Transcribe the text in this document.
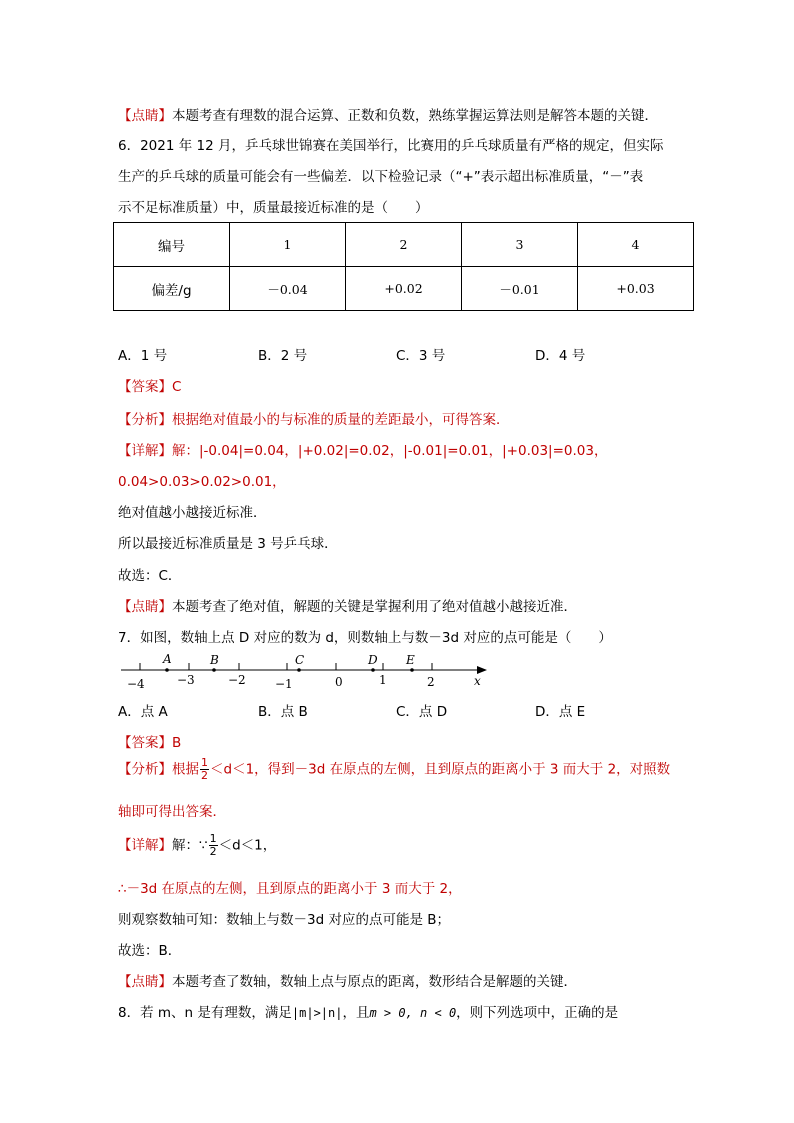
【点睛】本题考查有理数的混合运算、正数和负数，熟练掌握运算法则是解答本题的关键．
6．2021 年 12 月，乒乓球世锦赛在美国举行，比赛用的乒乓球质量有严格的规定，但实际
生产的乒乓球的质量可能会有一些偏差．以下检验记录（“+”表示超出标准质量，“－”表
示不足标准质量）中，质量最接近标准的是（　　）
编号	1	2	3	4
偏差/g	－0.04	+0.02	－0.01	+0.03
A．1 号	B．2 号	C．3 号	D．4 号
【答案】C
【分析】根据绝对值最小的与标准的质量的差距最小，可得答案．
【详解】解：|-0.04|=0.04，|+0.02|=0.02，|-0.01|=0.01，|+0.03|=0.03，
0.04>0.03>0.02>0.01，
绝对值越小越接近标准．
所以最接近标准质量是 3 号乒乓球．
故选：C．
【点睛】本题考查了绝对值，解题的关键是掌握利用了绝对值越小越接近准．
7．如图，数轴上点 D 对应的数为 d，则数轴上与数－3d 对应的点可能是（　　）
−4	−3	−2 −1	0	1	2
A	B	C	D E
x
A．点 A	B．点 B	C．点 D	D．点 E
【答案】B
【分析】根据 $\frac{1}{2} <d<1$，得到－3d 在原点的左侧，且到原点的距离小于 3 而大于 2，对照数
轴即可得出答案．
【详解】解：∵ $\frac{1}{2} <d<1$，
∴－3d 在原点的左侧，且到原点的距离小于 3 而大于 2，
则观察数轴可知：数轴上与数－3d 对应的点可能是 B；
故选：B．
【点睛】本题考查了数轴，数轴上点与原点的距离，数形结合是解题的关键．
8．若 m、n 是有理数，满足|m|>|n|，且m > 0, n < 0，则下列选项中，正确的是
